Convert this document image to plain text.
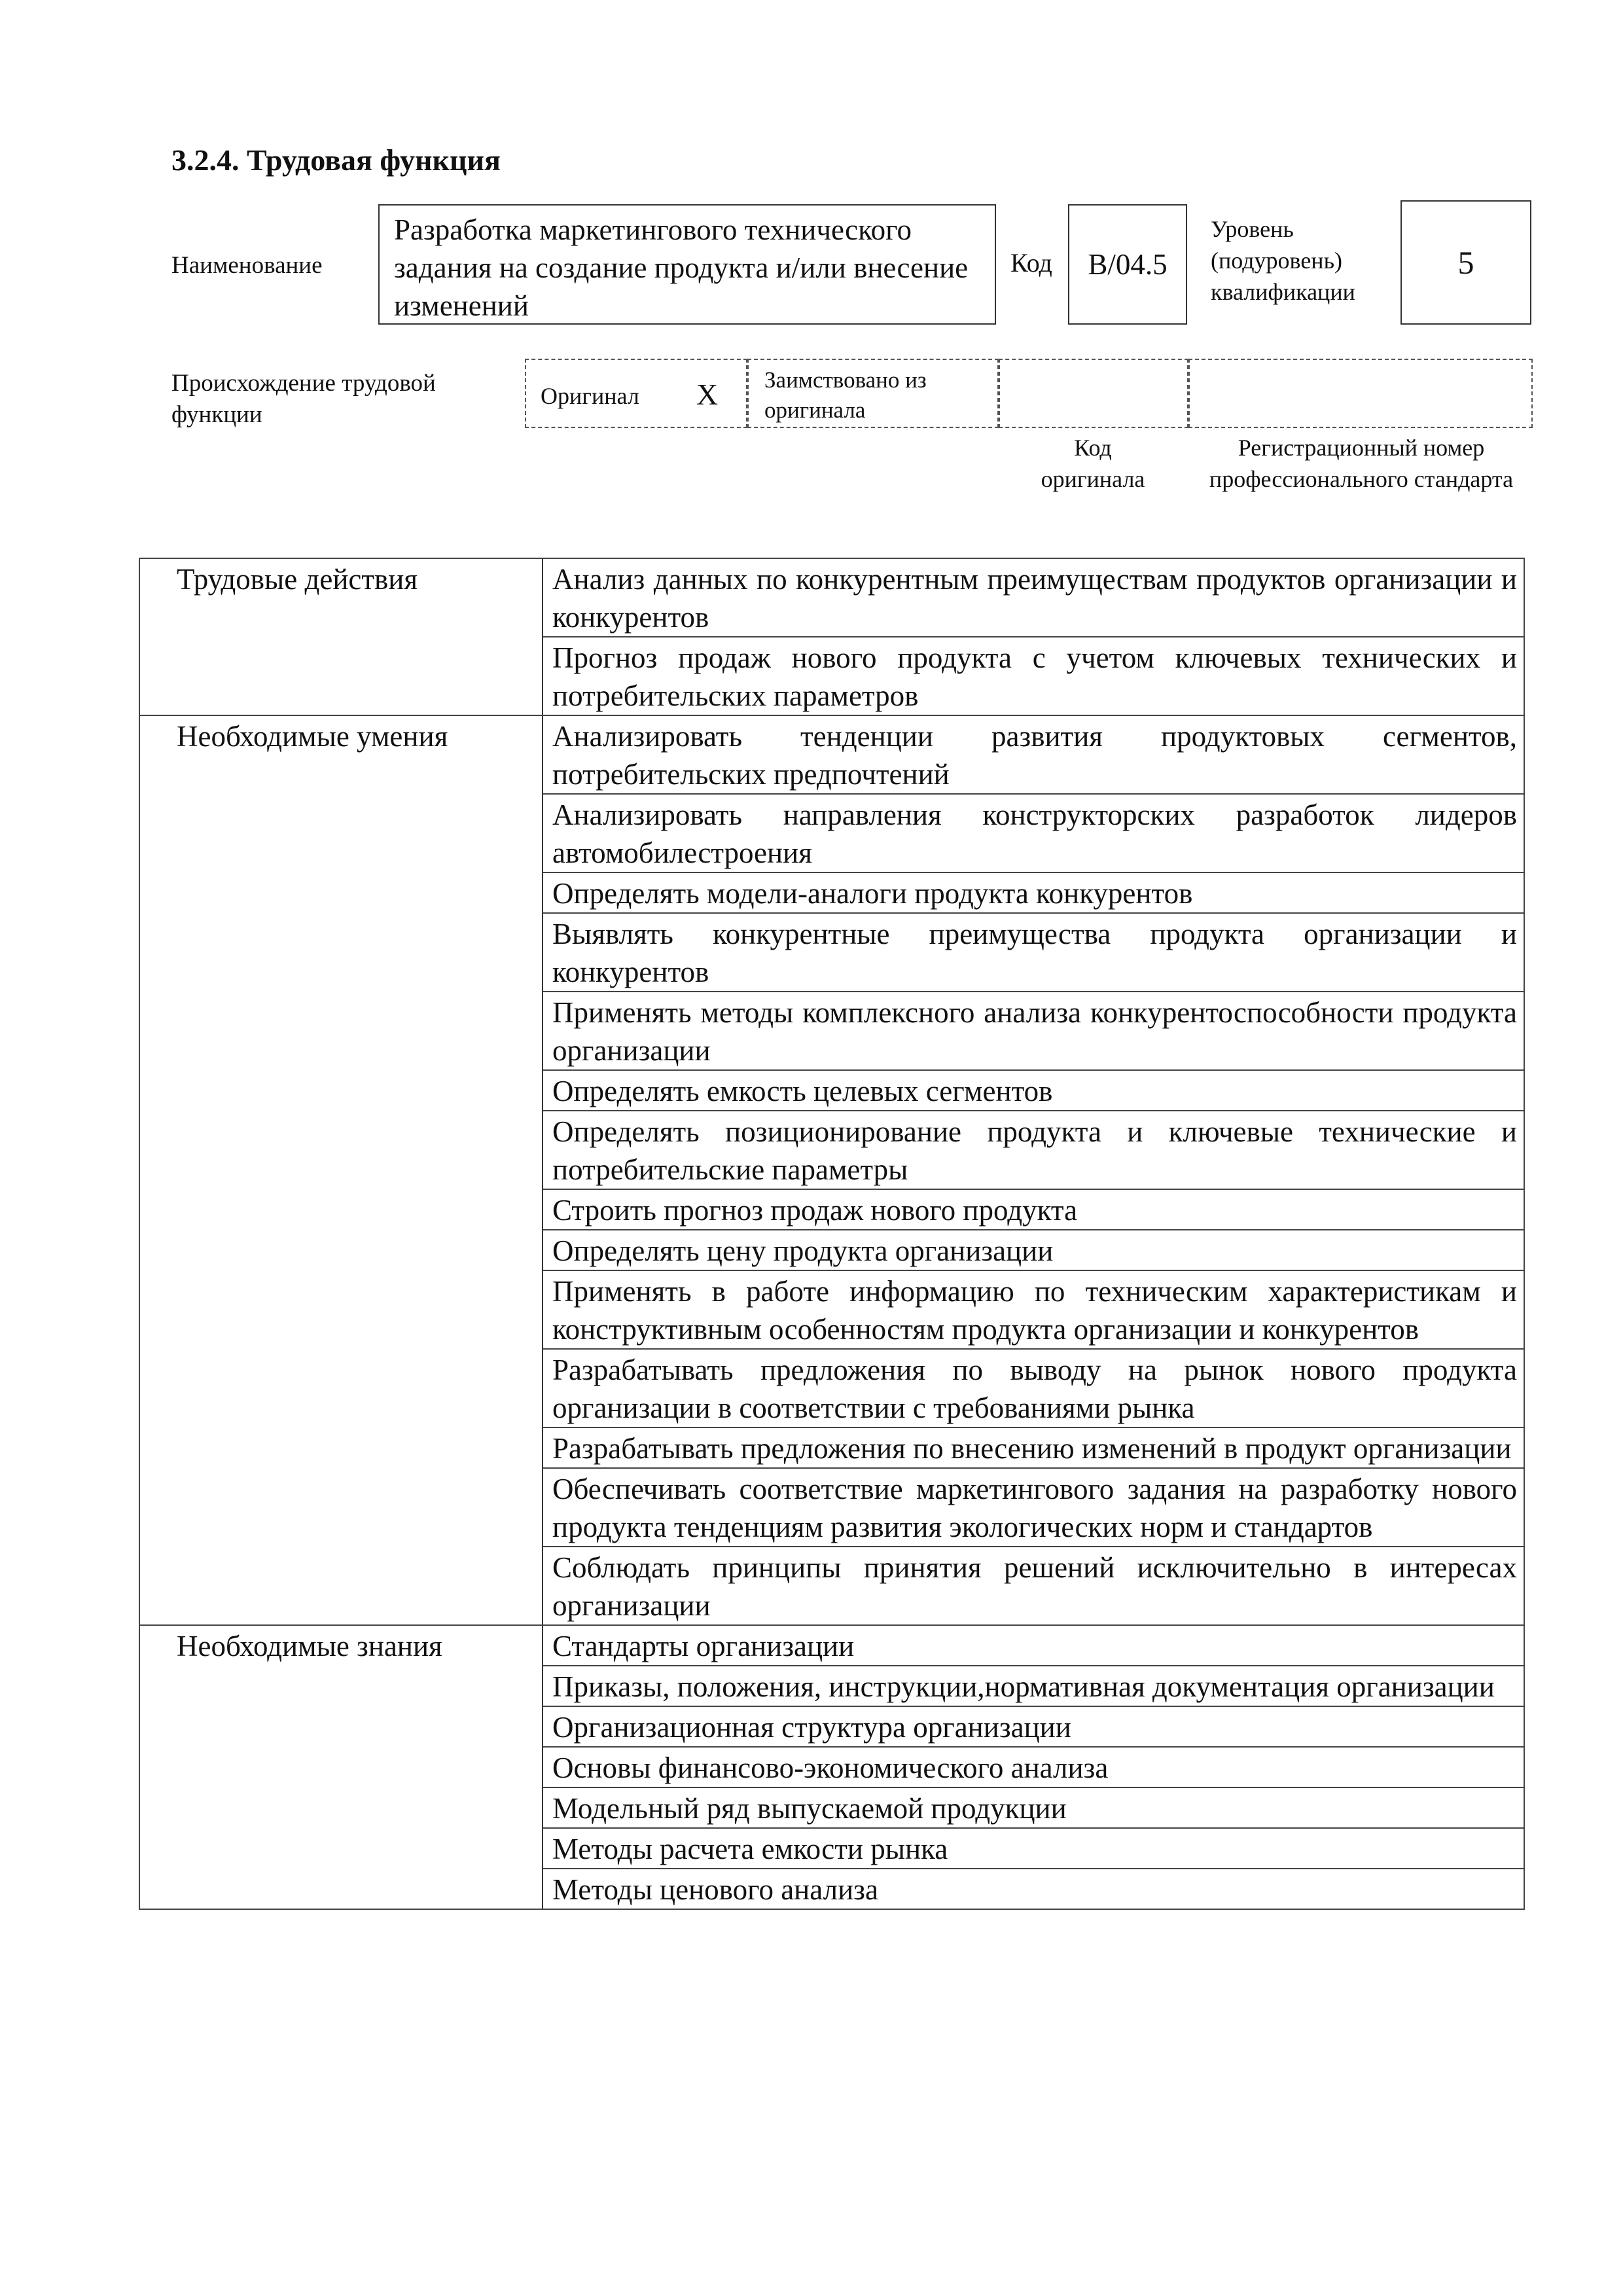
3.2.4. Трудовая функция
Наименование
Разработка маркетингового технического задания на создание продукта и/или внесение изменений
Код	B/04.5
Уровень (подуровень) квалификации
5
Происхождение трудовой функции
Оригинал X	Заимствовано из оригинала
Код оригинала
Регистрационный номер профессионального стандарта
Трудовые действия	Анализ данных по конкурентным преимуществам продуктов организации и конкурентов
	Прогноз продаж нового продукта с учетом ключевых технических и потребительских параметров
Необходимые умения	Анализировать тенденции развития продуктовых сегментов, потребительских предпочтений
	Анализировать направления конструкторских разработок лидеров автомобилестроения
	Определять модели-аналоги продукта конкурентов
	Выявлять конкурентные преимущества продукта организации и конкурентов
	Применять методы комплексного анализа конкурентоспособности продукта организации
	Определять емкость целевых сегментов
	Определять позиционирование продукта и ключевые технические и потребительские параметры
	Строить прогноз продаж нового продукта
	Определять цену продукта организации
	Применять в работе информацию по техническим характеристикам и конструктивным особенностям продукта организации и конкурентов
	Разрабатывать предложения по выводу на рынок нового продукта организации в соответствии с требованиями рынка
	Разрабатывать предложения по внесению изменений в продукт организации
	Обеспечивать соответствие маркетингового задания на разработку нового продукта тенденциям развития экологических норм и стандартов
	Соблюдать принципы принятия решений исключительно в интересах организации
Необходимые знания	Стандарты организации
	Приказы, положения, инструкции,нормативная документация организации
	Организационная структура организации
	Основы финансово-экономического анализа
	Модельный ряд выпускаемой продукции
	Методы расчета емкости рынка
	Методы ценового анализа
